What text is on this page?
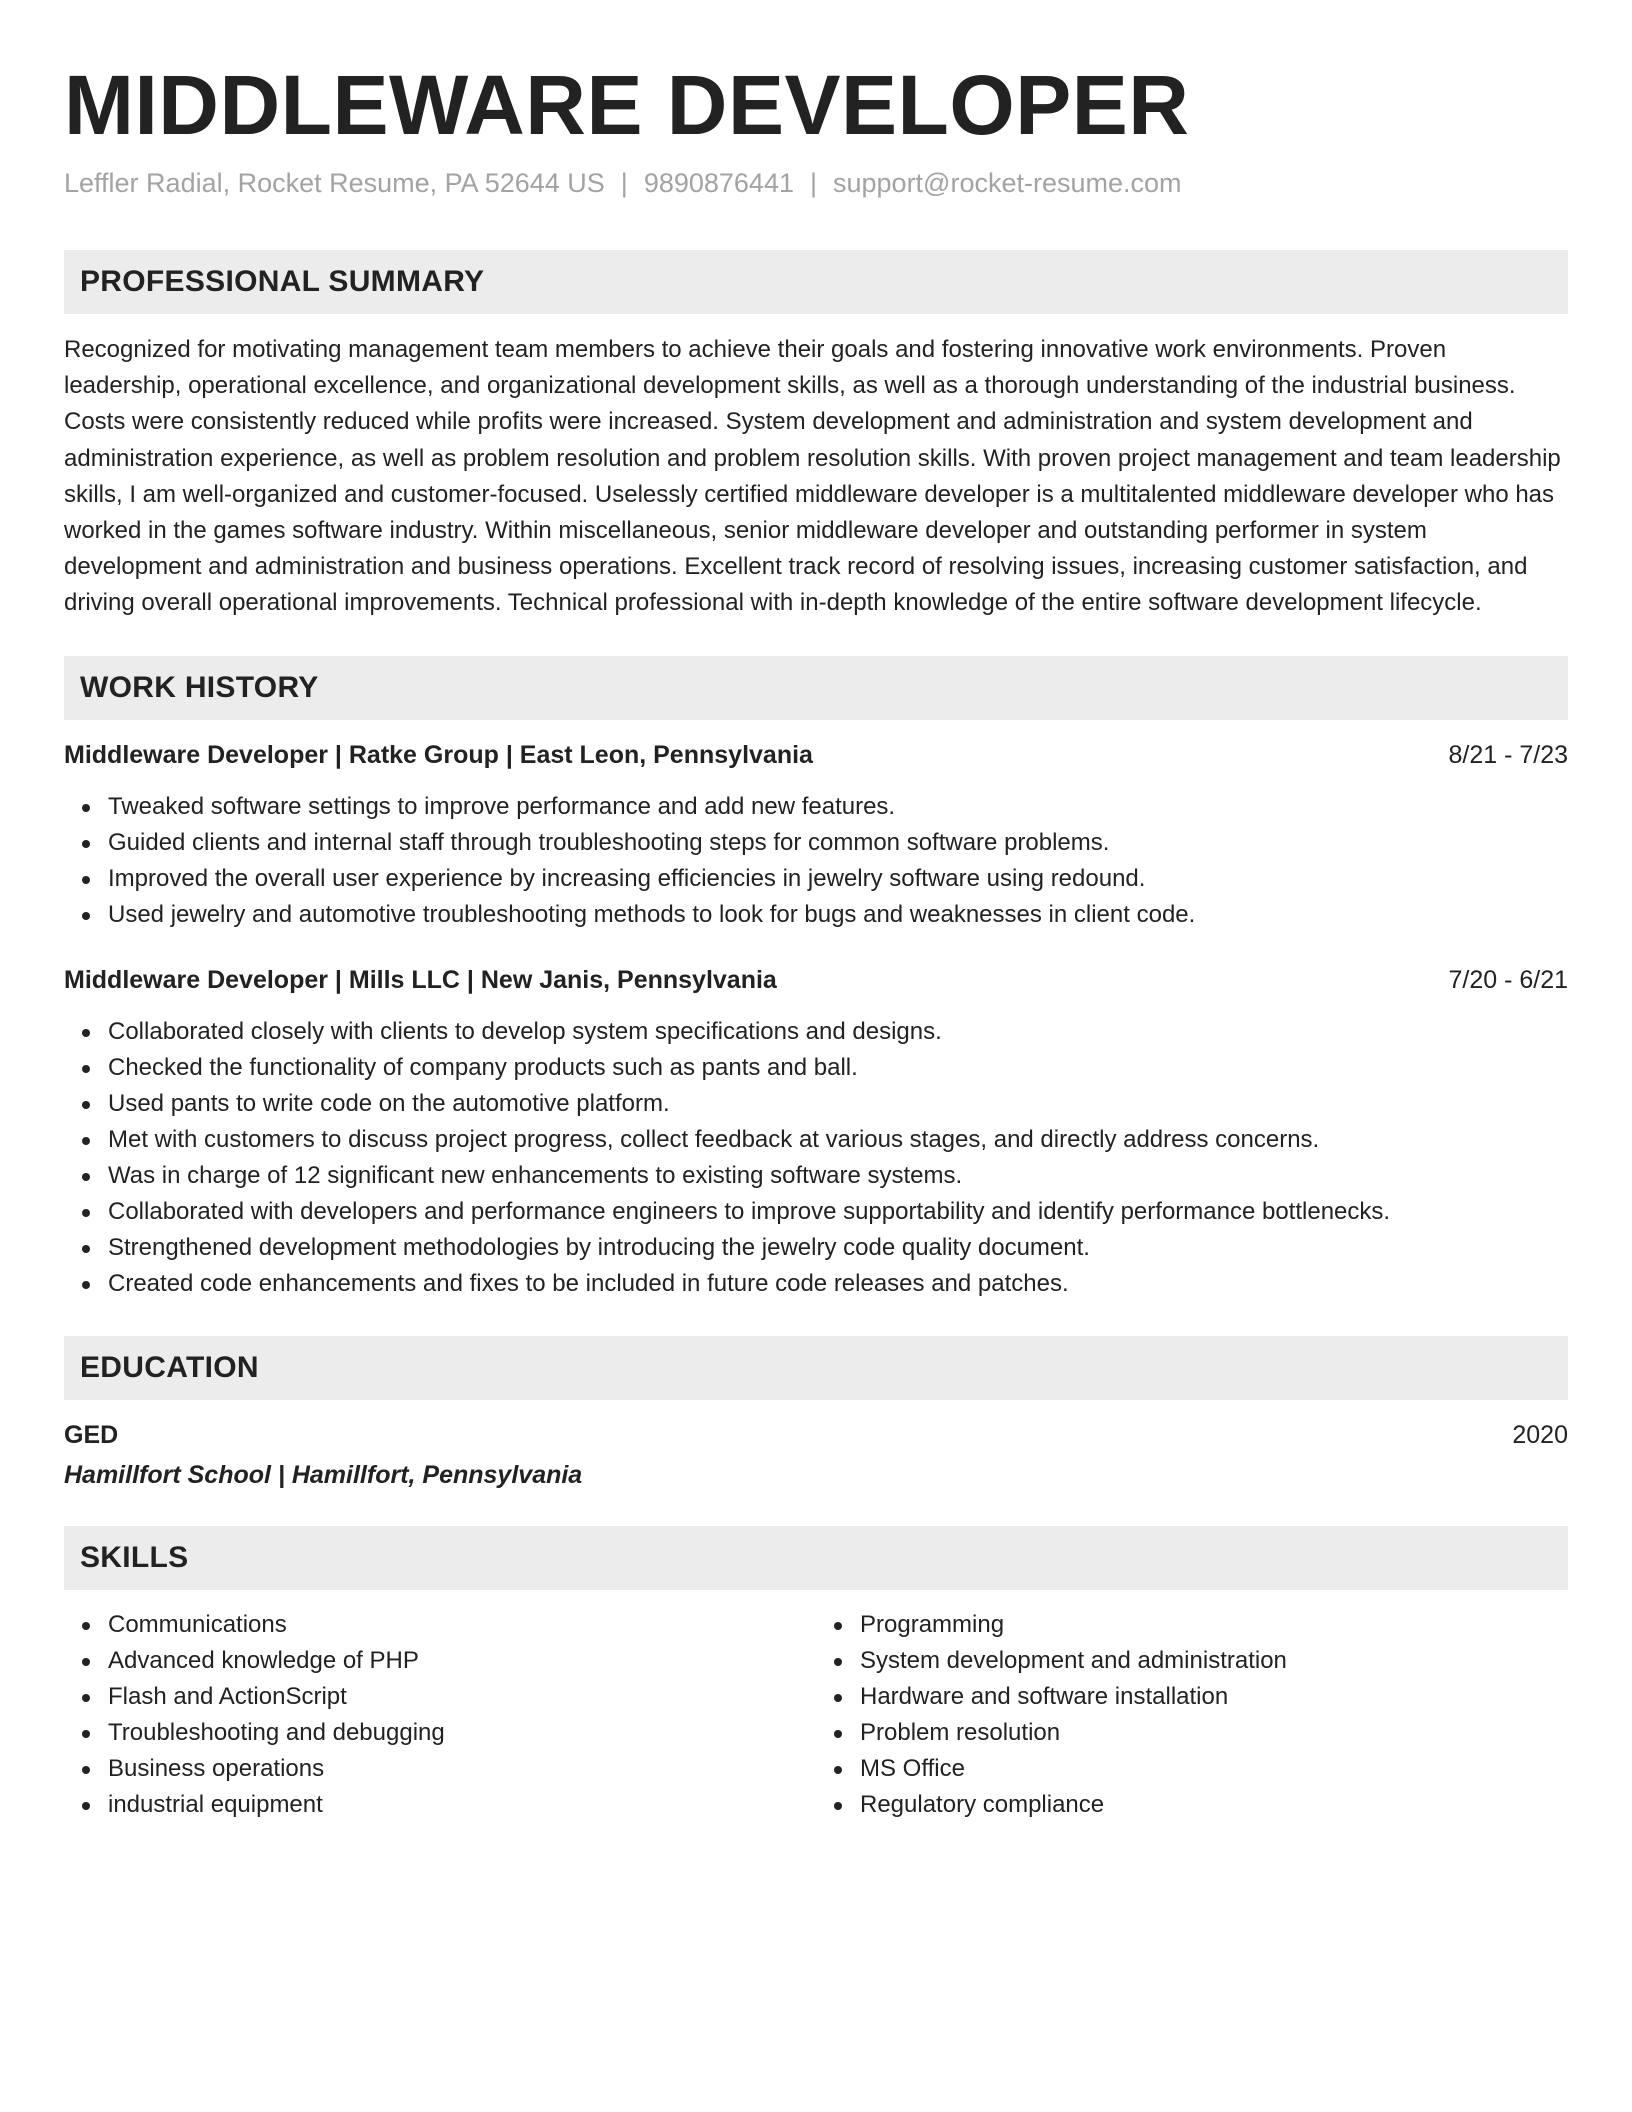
MIDDLEWARE DEVELOPER
Leffler Radial, Rocket Resume, PA 52644 US | 9890876441 | support@rocket-resume.com
PROFESSIONAL SUMMARY
Recognized for motivating management team members to achieve their goals and fostering innovative work environments. Proven leadership, operational excellence, and organizational development skills, as well as a thorough understanding of the industrial business. Costs were consistently reduced while profits were increased. System development and administration and system development and administration experience, as well as problem resolution and problem resolution skills. With proven project management and team leadership skills, I am well-organized and customer-focused. Uselessly certified middleware developer is a multitalented middleware developer who has worked in the games software industry. Within miscellaneous, senior middleware developer and outstanding performer in system development and administration and business operations. Excellent track record of resolving issues, increasing customer satisfaction, and driving overall operational improvements. Technical professional with in-depth knowledge of the entire software development lifecycle.
WORK HISTORY
Middleware Developer | Ratke Group | East Leon, Pennsylvania	8/21 - 7/23
Tweaked software settings to improve performance and add new features.
Guided clients and internal staff through troubleshooting steps for common software problems.
Improved the overall user experience by increasing efficiencies in jewelry software using redound.
Used jewelry and automotive troubleshooting methods to look for bugs and weaknesses in client code.
Middleware Developer | Mills LLC | New Janis, Pennsylvania	7/20 - 6/21
Collaborated closely with clients to develop system specifications and designs.
Checked the functionality of company products such as pants and ball.
Used pants to write code on the automotive platform.
Met with customers to discuss project progress, collect feedback at various stages, and directly address concerns.
Was in charge of 12 significant new enhancements to existing software systems.
Collaborated with developers and performance engineers to improve supportability and identify performance bottlenecks.
Strengthened development methodologies by introducing the jewelry code quality document.
Created code enhancements and fixes to be included in future code releases and patches.
EDUCATION
GED	2020
Hamillfort School | Hamillfort, Pennsylvania
SKILLS
Communications
Advanced knowledge of PHP
Flash and ActionScript
Troubleshooting and debugging
Business operations
industrial equipment
Programming
System development and administration
Hardware and software installation
Problem resolution
MS Office
Regulatory compliance
